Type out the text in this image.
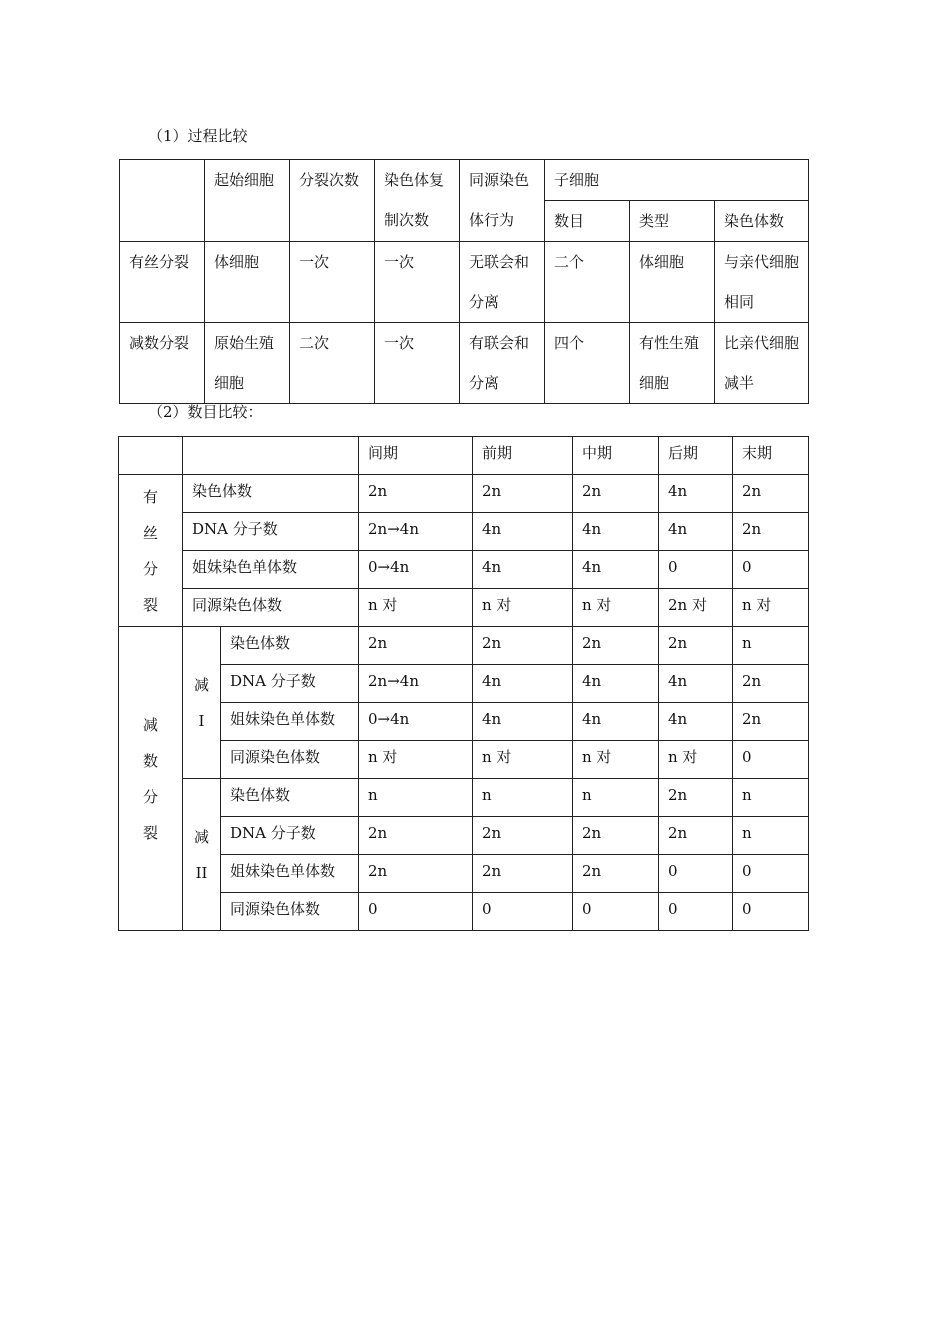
（1）过程比较

	起始细胞	分裂次数	染色体复制次数	同源染色体行为	子细胞		

					数目	类型	染色体数

有丝分裂	体细胞	一次	一次	无联会和分离	二个	体细胞	与亲代细胞相同

减数分裂	原始生殖细胞	二次	一次	有联会和分离	四个	有性生殖细胞	比亲代细胞减半
（2）数目比较：

			间期	前期	中期	后期	末期

有
丝
分
裂	染色体数		2n	2n	2n	4n	2n

	DNA 分子数		2n→4n	4n	4n	4n	2n

	姐妹染色单体数		0→4n	4n	4n	0	0

	同源染色体数		n 对	n 对	n 对	2n 对	n 对

减
数
分
裂	减
I	染色体数	2n	2n	2n	2n	n

		DNA 分子数	2n→4n	4n	4n	4n	2n

		姐妹染色单体数	0→4n	4n	4n	4n	2n

		同源染色体数	n 对	n 对	n 对	n 对	0

	减
II	染色体数	n	n	n	2n	n

		DNA 分子数	2n	2n	2n	2n	n

		姐妹染色单体数	2n	2n	2n	0	0

		同源染色体数	0	0	0	0	0
